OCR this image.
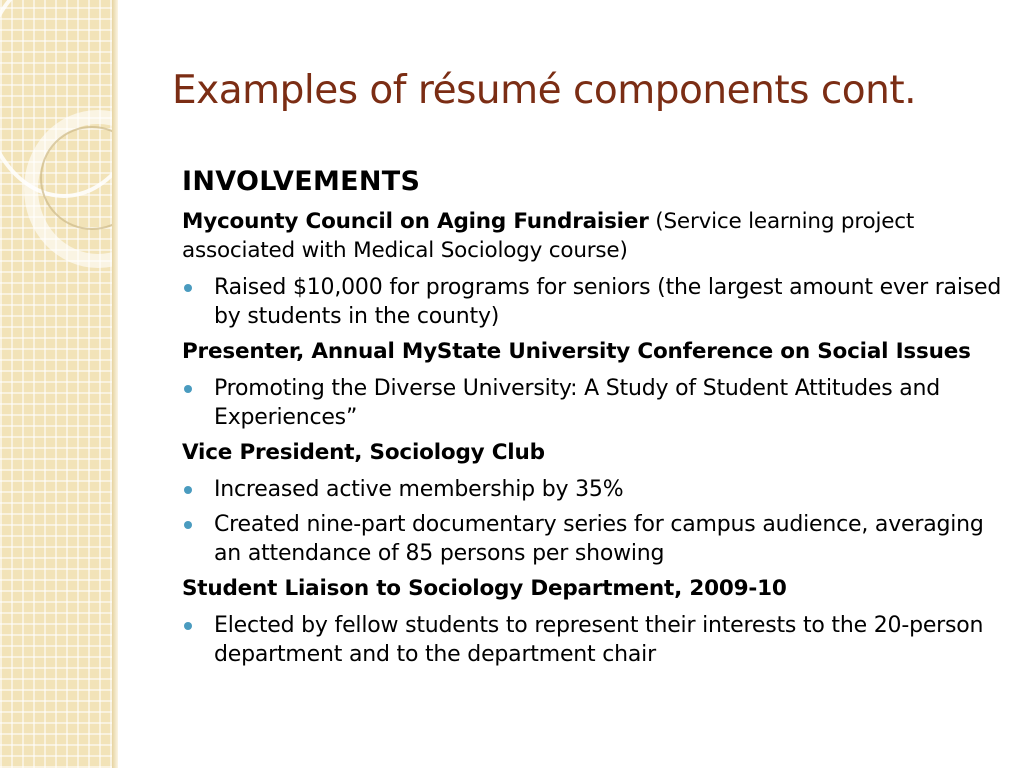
Examples of résumé components cont.
INVOLVEMENTS
Mycounty Council on Aging Fundraisier (Service learning project associated with Medical Sociology course)
Raised $10,000 for programs for seniors (the largest amount ever raised by students in the county)
Presenter, Annual MyState University Conference on Social Issues
Promoting the Diverse University: A Study of Student Attitudes and Experiences”
Vice President, Sociology Club
Increased active membership by 35%
Created nine-part documentary series for campus audience, averaging an attendance of 85 persons per showing
Student Liaison to Sociology Department, 2009-10
Elected by fellow students to represent their interests to the 20-person department and to the department chair
